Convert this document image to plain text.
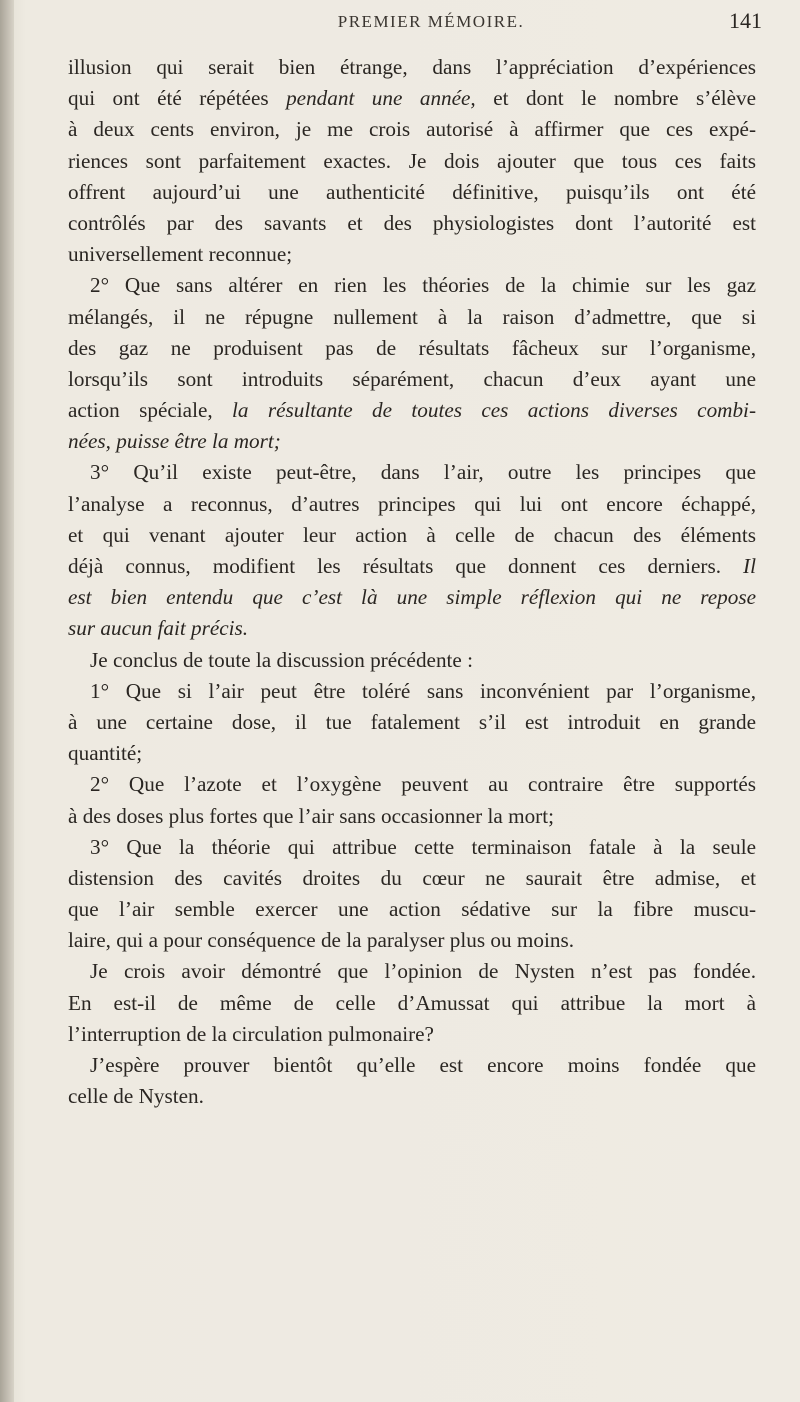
PREMIER MÉMOIRE.	141
illusion qui serait bien étrange, dans l’appréciation d’expériences
qui ont été répétées pendant une année, et dont le nombre s’élève
à deux cents environ, je me crois autorisé à affirmer que ces expé-
riences sont parfaitement exactes. Je dois ajouter que tous ces faits
offrent aujourd’ui une authenticité définitive, puisqu’ils ont été
contrôlés par des savants et des physiologistes dont l’autorité est
universellement reconnue;
2° Que sans altérer en rien les théories de la chimie sur les gaz
mélangés, il ne répugne nullement à la raison d’admettre, que si
des gaz ne produisent pas de résultats fâcheux sur l’organisme,
lorsqu’ils sont introduits séparément, chacun d’eux ayant une
action spéciale, la résultante de toutes ces actions diverses combi-
nées, puisse être la mort;
3° Qu’il existe peut-être, dans l’air, outre les principes que
l’analyse a reconnus, d’autres principes qui lui ont encore échappé,
et qui venant ajouter leur action à celle de chacun des éléments
déjà connus, modifient les résultats que donnent ces derniers. Il
est bien entendu que c’est là une simple réflexion qui ne repose
sur aucun fait précis.
Je conclus de toute la discussion précédente :
1° Que si l’air peut être toléré sans inconvénient par l’organisme,
à une certaine dose, il tue fatalement s’il est introduit en grande
quantité;
2° Que l’azote et l’oxygène peuvent au contraire être supportés
à des doses plus fortes que l’air sans occasionner la mort;
3° Que la théorie qui attribue cette terminaison fatale à la seule
distension des cavités droites du cœur ne saurait être admise, et
que l’air semble exercer une action sédative sur la fibre muscu-
laire, qui a pour conséquence de la paralyser plus ou moins.
Je crois avoir démontré que l’opinion de Nysten n’est pas fondée.
En est-il de même de celle d’Amussat qui attribue la mort à
l’interruption de la circulation pulmonaire?
J’espère prouver bientôt qu’elle est encore moins fondée que
celle de Nysten.
